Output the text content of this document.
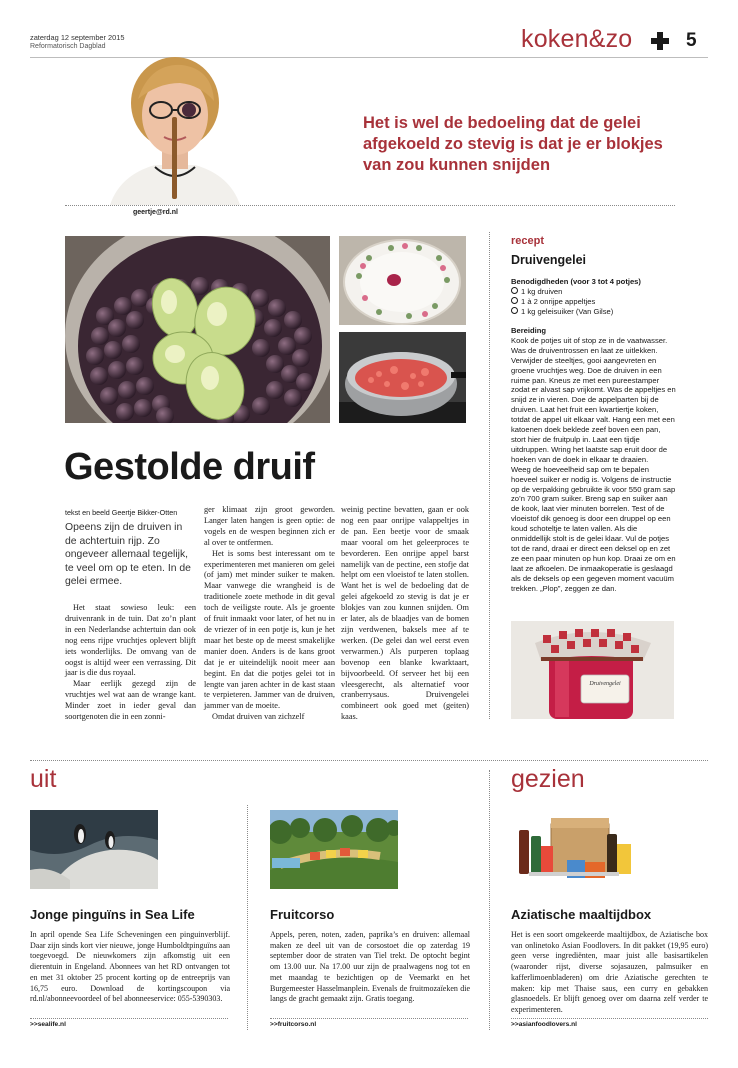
zaterdag 12 september 2015
Reformatorisch Dagblad	koken&zo	5
geertje@rd.nl
Het is wel de bedoeling dat de gelei afgekoeld zo stevig is dat je er blokjes van zou kunnen snijden
Gestolde druif
tekst en beeld Geertje Bikker-Otten
Opeens zijn de druiven in de achtertuin rijp. Zo ongeveer allemaal tegelijk, te veel om op te eten. In de gelei ermee.

Het staat sowieso leuk: een druivenrank in de tuin. Dat zo’n plant in een Nederlandse achtertuin dan ook nog eens rijpe vruchtjes oplevert blijft iets wonderlijks. De omvang van de oogst is altijd weer een verrassing. Dit jaar is die dus royaal.

Maar eerlijk gezegd zijn de vruchtjes wel wat aan de wrange kant. Minder zoet in ieder geval dan soortgenoten die in een zonni-

ger klimaat zijn groot geworden. Langer laten hangen is geen optie: de vogels en de wespen beginnen zich er al over te ontfermen.

Het is soms best interessant om te experimenteren met manieren om gelei (of jam) met minder suiker te maken. Maar vanwege die wrangheid is de traditionele zoete methode in dit geval toch de veiligste route. Als je groente of fruit inmaakt voor later, of het nu in de vriezer of in een potje is, kun je het maar het beste op de meest smakelijke manier doen. Anders is de kans groot dat je er uiteindelijk nooit meer aan begint. En dat die potjes gelei tot in lengte van jaren achter in de kast staan te verpieteren. Jammer van de druiven, jammer van de moeite.

Omdat druiven van zichzelf

weinig pectine bevatten, gaan er ook nog een paar onrijpe valappeltjes in de pan. Een beetje voor de smaak maar vooral om het geleerproces te bevorderen. Een onrijpe appel barst namelijk van de pectine, een stofje dat helpt om een vloeistof te laten stollen. Want het is wel de bedoeling dat de gelei afgekoeld zo stevig is dat je er blokjes van zou kunnen snijden. Om er later, als de blaadjes van de bomen zijn verdwenen, baksels mee af te werken. (De gelei dan wel eerst even verwarmen.) Als purperen toplaag bovenop een blanke kwarktaart, bijvoorbeeld. Of serveer het bij een vleesgerecht, als alternatief voor cranberrysaus. Druivengelei combineert ook goed met (geiten) kaas.

recept
Druivengelei
Benodigdheden (voor 3 tot 4 potjes)
1 kg druiven
1 à 2 onrijpe appeltjes
1 kg geleisuiker (Van Gilse)
Bereiding
Kook de potjes uit of stop ze in de vaatwasser. Was de druiventrossen en laat ze uitlekken. Verwijder de steeltjes, gooi aangevreten en groene vruchtjes weg. Doe de druiven in een ruime pan. Kneus ze met een pureestamper zodat er alvast sap vrijkomt. Was de appeltjes en snijd ze in vieren. Doe de appelparten bij de druiven. Laat het fruit een kwartiertje koken, totdat de appel uit elkaar valt. Hang een met een katoenen doek beklede zeef boven een pan, stort hier de fruitpulp in. Laat een tijdje uitdruppen. Wring het laatste sap eruit door de hoeken van de doek in elkaar te draaien.
Weeg de hoeveelheid sap om te bepalen hoeveel suiker er nodig is. Volgens de instructie op de verpakking gebruikte ik voor 550 gram sap zo’n 700 gram suiker. Breng sap en suiker aan de kook, laat vier minuten borrelen. Test of de vloeistof dik genoeg is door een druppel op een koud schoteltje te laten vallen. Als die onmiddellijk stolt is de gelei klaar. Vul de potjes tot de rand, draai er direct een deksel op en zet ze een paar minuten op hun kop. Draai ze om en laat ze afkoelen. De inmaakoperatie is geslaagd als de deksels op een gegeven moment vacuüm trekken. „Plop”, zeggen ze dan.
Druivengelei
uit	gezien
Jonge pinguïns in Sea Life
In april opende Sea Life Scheveningen een pinguinverblijf. Daar zijn sinds kort vier nieuwe, jonge Humboldtpinguïns aan toegevoegd. De nieuwkomers zijn afkomstig uit een dierentuin in Engeland. Abonnees van het RD ontvangen tot en met 31 oktober 25 procent korting op de entreeprijs van 16,75 euro. Download de kortingscoupon via rd.nl/abonneevoordeel of bel abonneeservice: 055-5390303.
>>sealife.nl
Fruitcorso
Appels, peren, noten, zaden, paprika’s en druiven: allemaal maken ze deel uit van de corsostoet die op zaterdag 19 september door de straten van Tiel trekt. De optocht begint om 13.00 uur. Na 17.00 uur zijn de praalwagens nog tot en met maandag te bezichtigen op de Veemarkt en het Burgemeester Hasselmanplein. Evenals de fruitmozaïeken die langs de gracht gemaakt zijn. Gratis toegang.
>>fruitcorso.nl
Aziatische maaltijdbox
Het is een soort omgekeerde maaltijdbox, de Aziatische box van onlinetoko Asian Foodlovers. In dit pakket (19,95 euro) geen verse ingrediënten, maar juist alle basisartikelen (waaronder rijst, diverse sojasauzen, palmsuiker en kafferlimoenbladeren) om drie Aziatische gerechten te maken: kip met Thaise saus, een curry en gebakken glasnoedels. Er blijft genoeg over om daarna zelf verder te experimenteren.
>>asianfoodlovers.nl
